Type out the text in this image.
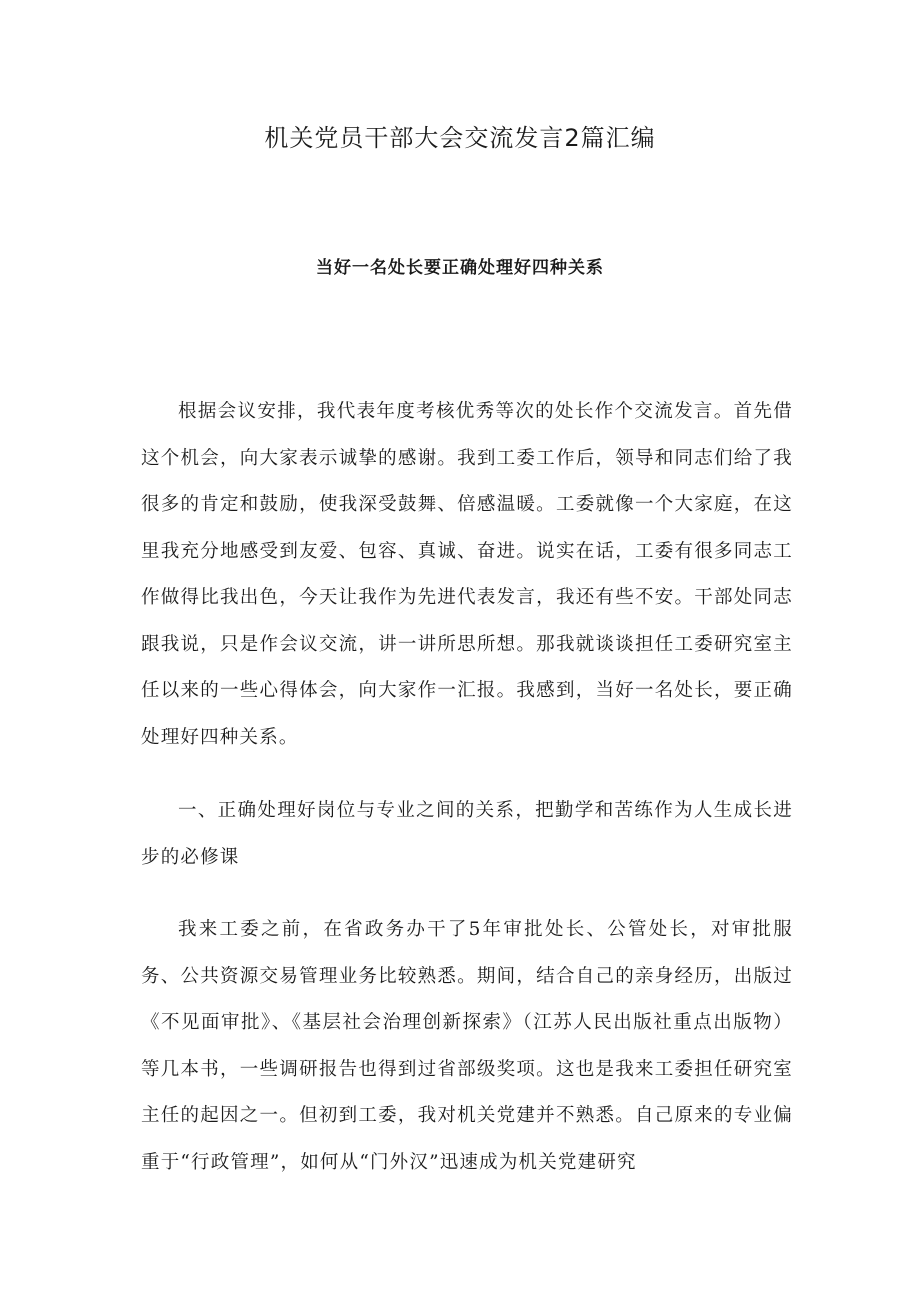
机关党员干部大会交流发言2篇汇编
当好一名处长要正确处理好四种关系

根据会议安排，我代表年度考核优秀等次的处长作个交流发言。首先借这个机会，向大家表示诚挚的感谢。我到工委工作后，领导和同志们给了我很多的肯定和鼓励，使我深受鼓舞、倍感温暖。工委就像一个大家庭，在这里我充分地感受到友爱、包容、真诚、奋进。说实在话，工委有很多同志工作做得比我出色，今天让我作为先进代表发言，我还有些不安。干部处同志跟我说，只是作会议交流，讲一讲所思所想。那我就谈谈担任工委研究室主任以来的一些心得体会，向大家作一汇报。我感到，当好一名处长，要正确处理好四种关系。

一、正确处理好岗位与专业之间的关系，把勤学和苦练作为人生成长进步的必修课

我来工委之前，在省政务办干了5年审批处长、公管处长，对审批服务、公共资源交易管理业务比较熟悉。期间，结合自己的亲身经历，出版过《不见面审批》、《基层社会治理创新探索》（江苏人民出版社重点出版物）等几本书，一些调研报告也得到过省部级奖项。这也是我来工委担任研究室主任的起因之一。但初到工委，我对机关党建并不熟悉。自己原来的专业偏重于“行政管理”，如何从“门外汉”迅速成为机关党建研究
